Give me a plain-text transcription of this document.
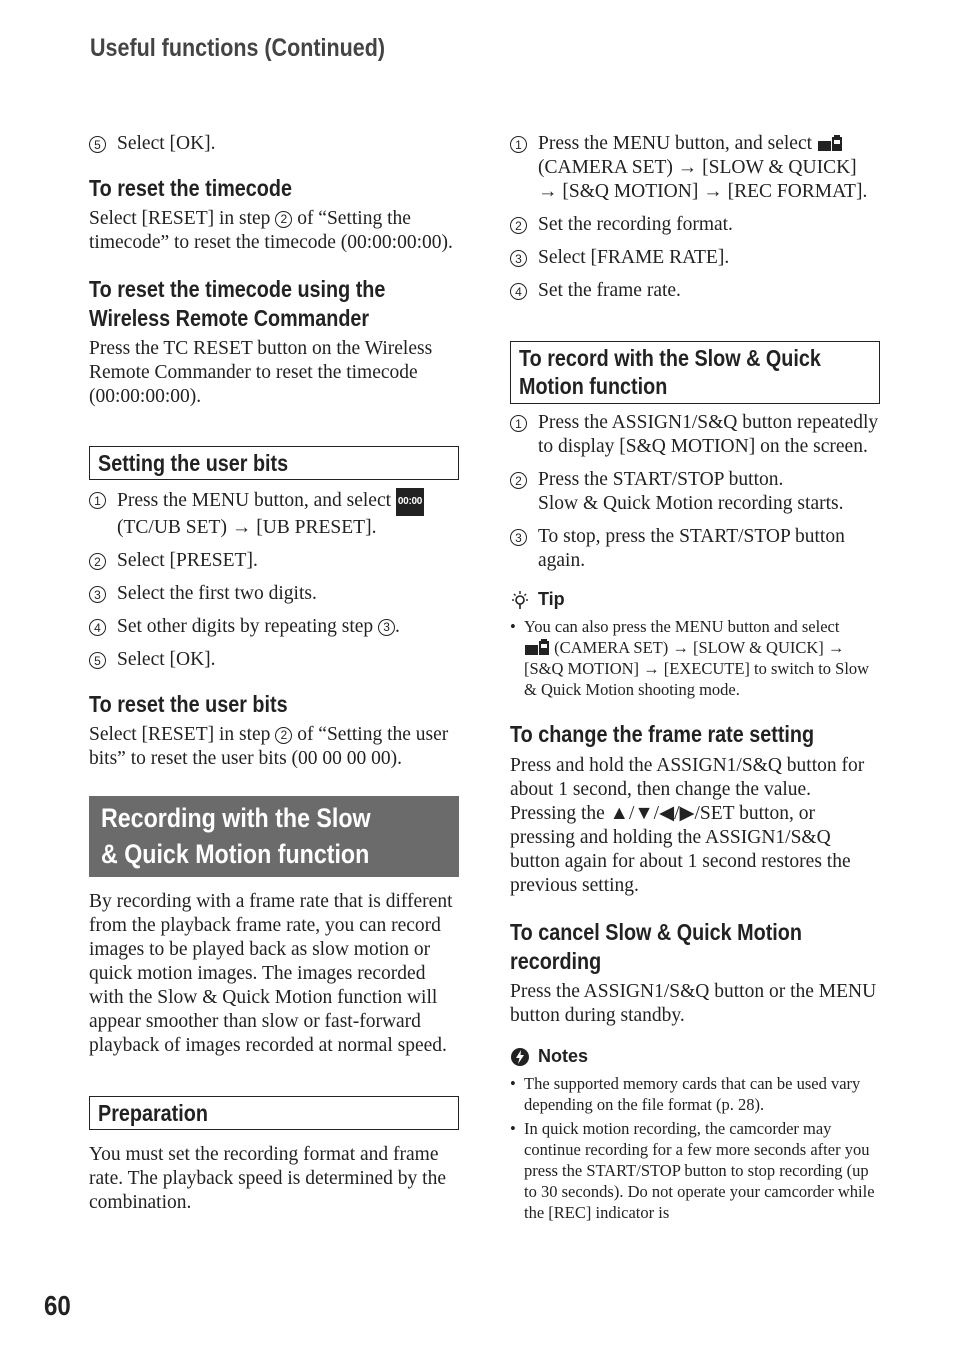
Useful functions (Continued)
5 Select [OK].
To reset the timecode

Select [RESET] in step 2 of “Setting the timecode” to reset the timecode (00:00:00:00).

To reset the timecode using the Wireless Remote Commander

Press the TC RESET button on the Wireless Remote Commander to reset the timecode (00:00:00:00).

Setting the user bits
1 Press the MENU button, and select 00:00
(TC/UB SET) → [UB PRESET].
2 Select [PRESET].
3 Select the first two digits.
4 Set other digits by repeating step 3 .
5 Select [OK].
To reset the user bits

Select [RESET] in step 2 of “Setting the user bits” to reset the user bits (00 00 00 00).

Recording with the Slow & Quick Motion function

By recording with a frame rate that is different from the playback frame rate, you can record images to be played back as slow motion or quick motion images. The images recorded with the Slow & Quick Motion function will appear smoother than slow or fast-forward playback of images recorded at normal speed.

Preparation

You must set the recording format and frame rate. The playback speed is determined by the combination.

1 Press the MENU button, and select  (CAMERA SET) → [SLOW & QUICK] → [S&Q MOTION] → [REC FORMAT].
2 Set the recording format.
3 Select [FRAME RATE].
4 Set the frame rate.
To record with the Slow & Quick Motion function
1 Press the ASSIGN1/S&Q button repeatedly to display [S&Q MOTION] on the screen.
2 Press the START/STOP button.
Slow & Quick Motion recording starts.
3 To stop, press the START/STOP button again.
Tip
• You can also press the MENU button and select
(CAMERA SET) → [SLOW & QUICK] → [S&Q MOTION] → [EXECUTE] to switch to Slow & Quick Motion shooting mode.
To change the frame rate setting

Press and hold the ASSIGN1/S&Q button for about 1 second, then change the value. Pressing the ▲/▼/◀/▶/SET button, or pressing and holding the ASSIGN1/S&Q button again for about 1 second restores the previous setting.

To cancel Slow & Quick Motion recording

Press the ASSIGN1/S&Q button or the MENU button during standby.

Notes
• The supported memory cards that can be used vary depending on the file format (p. 28).
• In quick motion recording, the camcorder may continue recording for a few more seconds after you press the START/STOP button to stop recording (up to 30 seconds). Do not operate your camcorder while the [REC] indicator is
60
